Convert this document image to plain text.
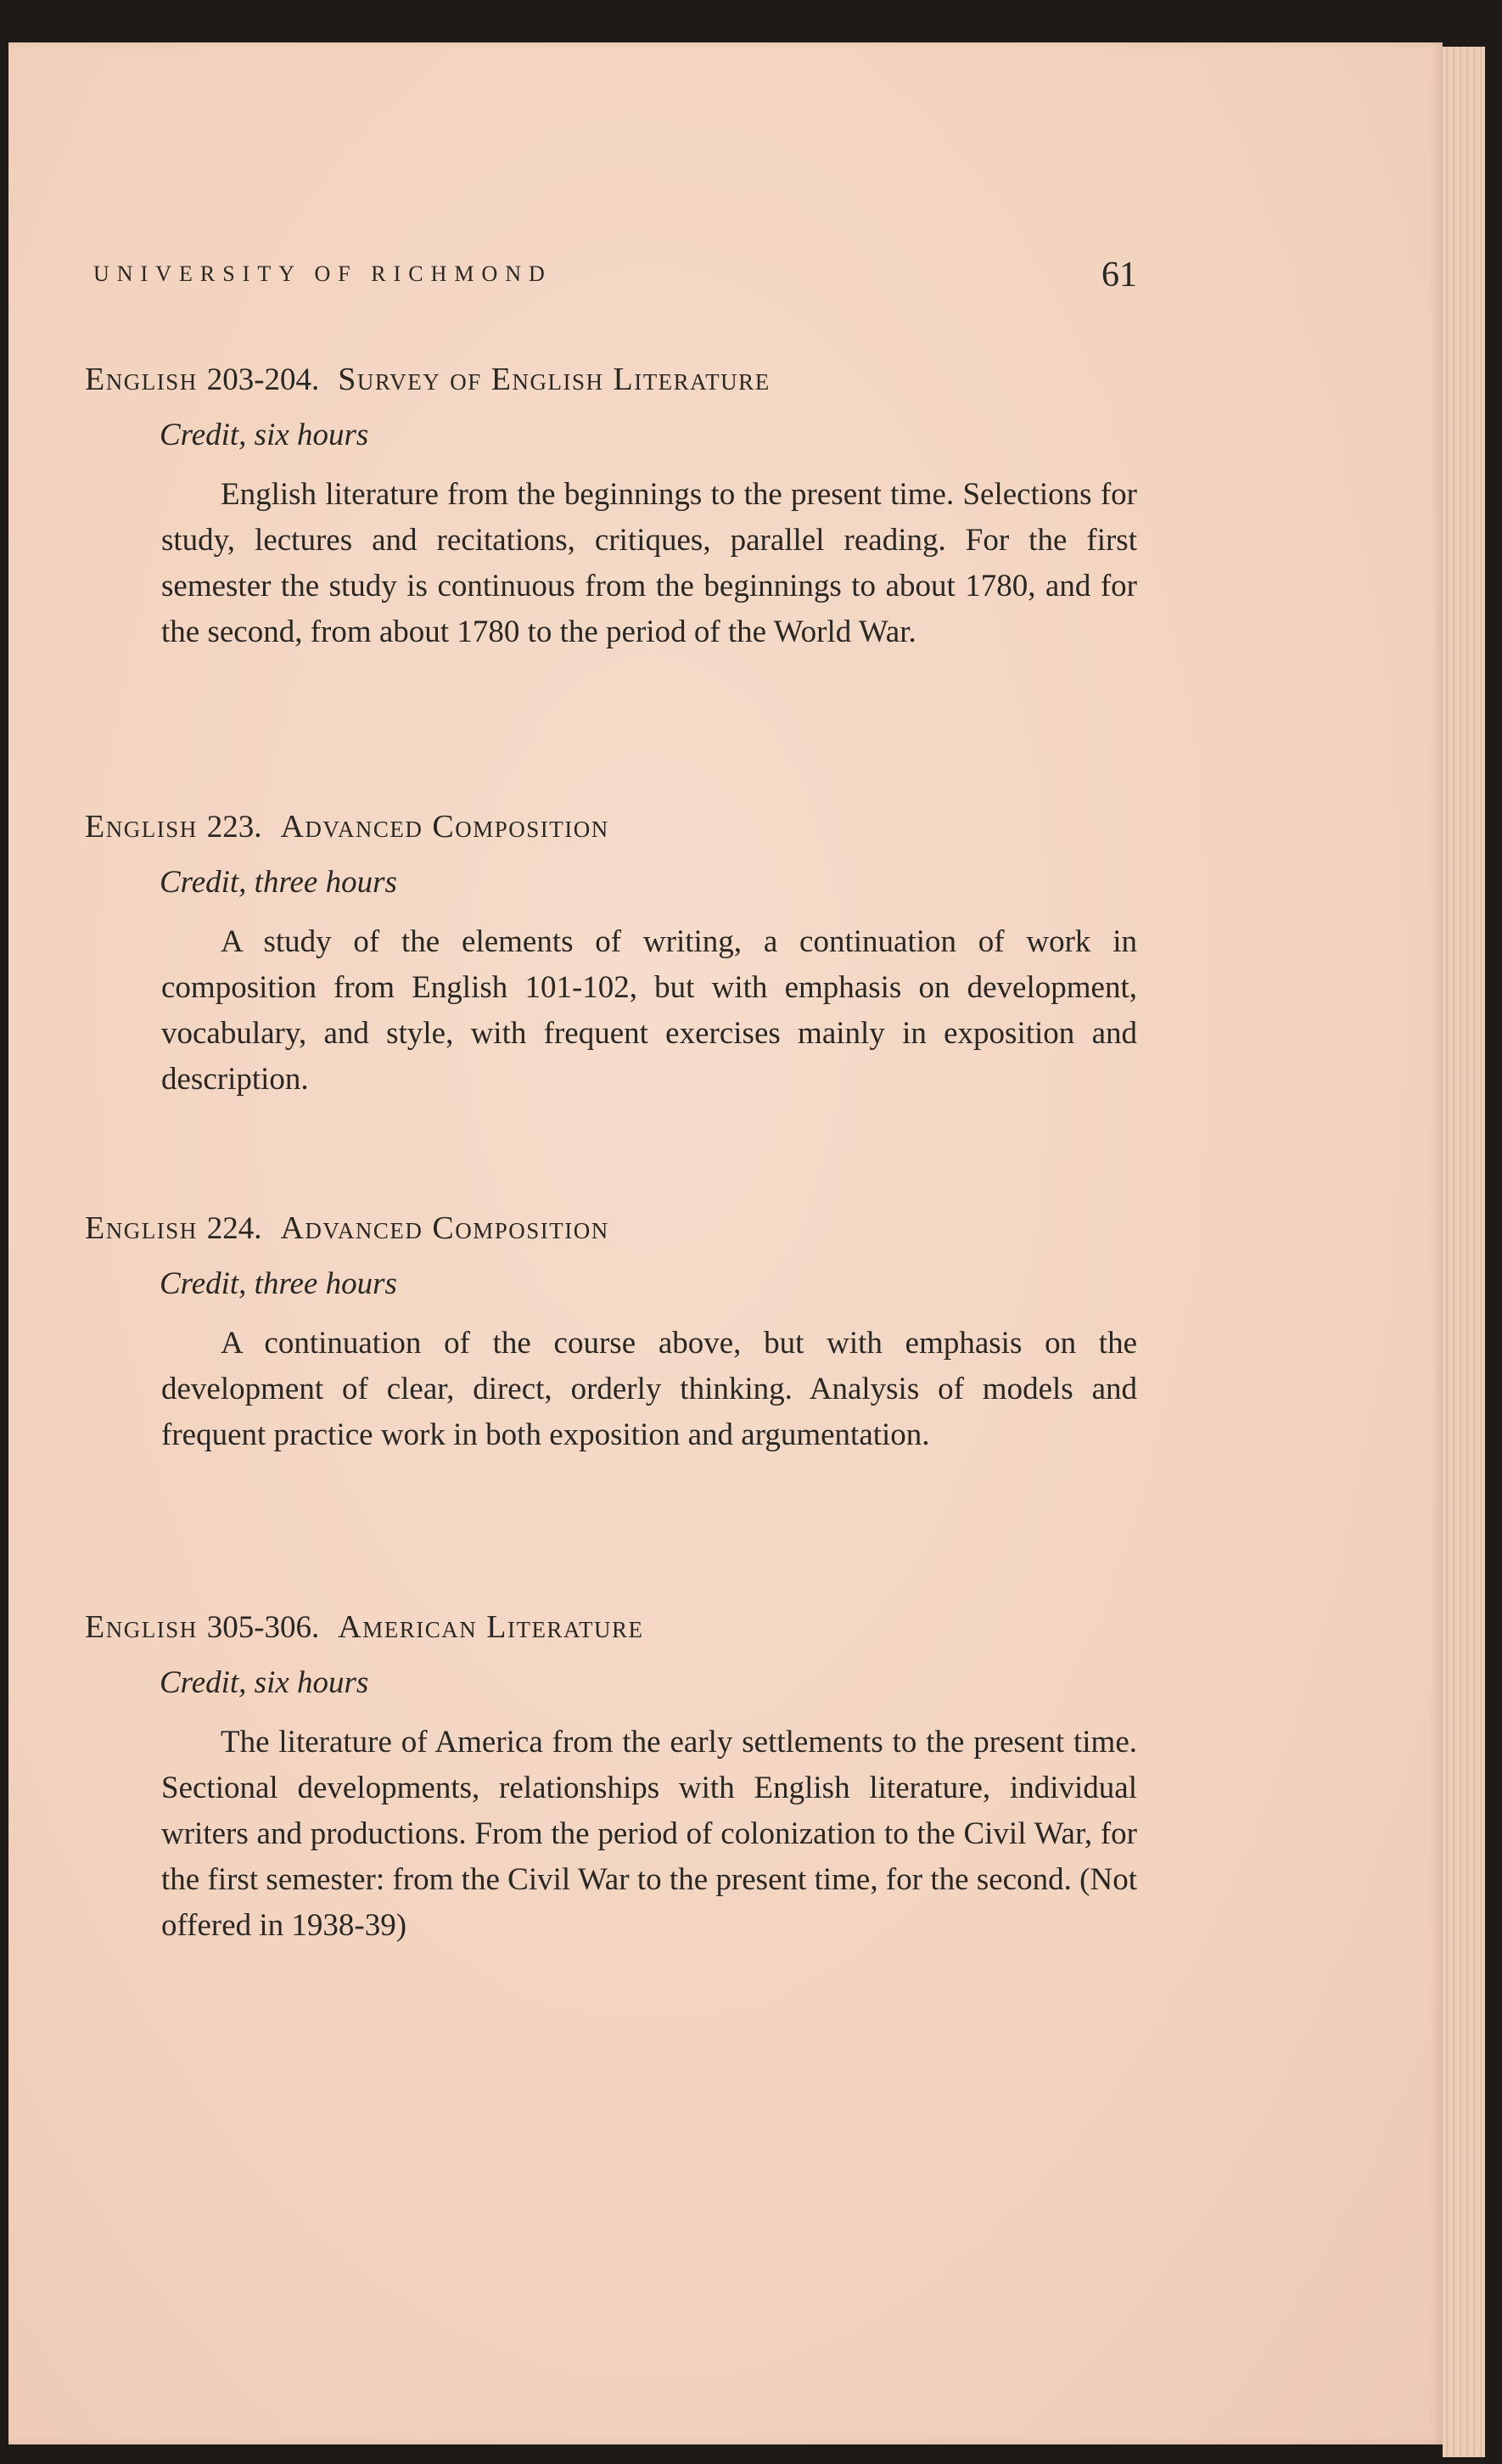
UNIVERSITY OF RICHMOND	61

English 203-204. Survey of English Literature

Credit, six hours

English literature from the beginnings to the present time. Selections for study, lectures and recitations, critiques, parallel reading. For the first semester the study is continuous from the beginnings to about 1780, and for the second, from about 1780 to the period of the World War.

English 223. Advanced Composition

Credit, three hours

A study of the elements of writing, a continuation of work in composition from English 101-102, but with emphasis on development, vocabulary, and style, with frequent exercises mainly in exposition and description.

English 224. Advanced Composition

Credit, three hours

A continuation of the course above, but with emphasis on the development of clear, direct, orderly thinking. Analysis of models and frequent practice work in both exposition and argumentation.

English 305-306. American Literature

Credit, six hours

The literature of America from the early settlements to the present time. Sectional developments, relationships with English literature, individual writers and productions. From the period of colonization to the Civil War, for the first semester: from the Civil War to the present time, for the second. (Not offered in 1938-39)
